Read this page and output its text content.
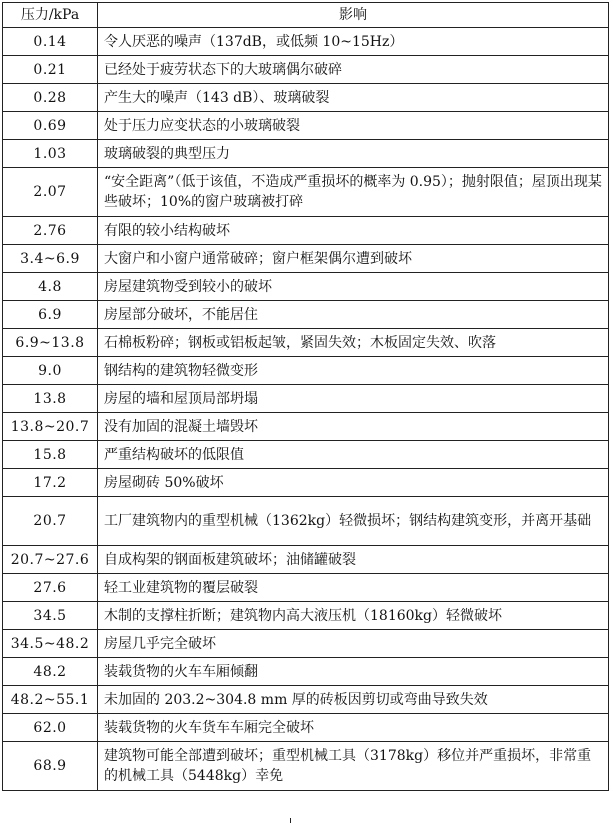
压力/kPa	影响
0.14	令人厌恶的噪声（137dB，或低频 10~15Hz）
0.21	已经处于疲劳状态下的大玻璃偶尔破碎
0.28	产生大的噪声（143 dB）、玻璃破裂
0.69	处于压力应变状态的小玻璃破裂
1.03	玻璃破裂的典型压力
2.07	“安全距离”（低于该值，不造成严重损坏的概率为 0.95）；抛射限值；屋顶出现某些破坏；10%的窗户玻璃被打碎
2.76	有限的较小结构破坏
3.4~6.9	大窗户和小窗户通常破碎；窗户框架偶尔遭到破坏
4.8	房屋建筑物受到较小的破坏
6.9	房屋部分破坏，不能居住
6.9~13.8	石棉板粉碎；钢板或铝板起皱，紧固失效；木板固定失效、吹落
9.0	钢结构的建筑物轻微变形
13.8	房屋的墙和屋顶局部坍塌
13.8~20.7	没有加固的混凝土墙毁坏
15.8	严重结构破坏的低限值
17.2	房屋砌砖 50%破坏
20.7	工厂建筑物内的重型机械（1362kg）轻微损坏；钢结构建筑变形，并离开基础
20.7~27.6	自成构架的钢面板建筑破坏；油储罐破裂
27.6	轻工业建筑物的覆层破裂
34.5	木制的支撑柱折断；建筑物内高大液压机（18160kg）轻微破坏
34.5~48.2	房屋几乎完全破坏
48.2	装载货物的火车车厢倾翻
48.2~55.1	未加固的 203.2~304.8 mm 厚的砖板因剪切或弯曲导致失效
62.0	装载货物的火车货车车厢完全破坏
68.9	建筑物可能全部遭到破坏；重型机械工具（3178kg）移位并严重损坏，非常重的机械工具（5448kg）幸免
